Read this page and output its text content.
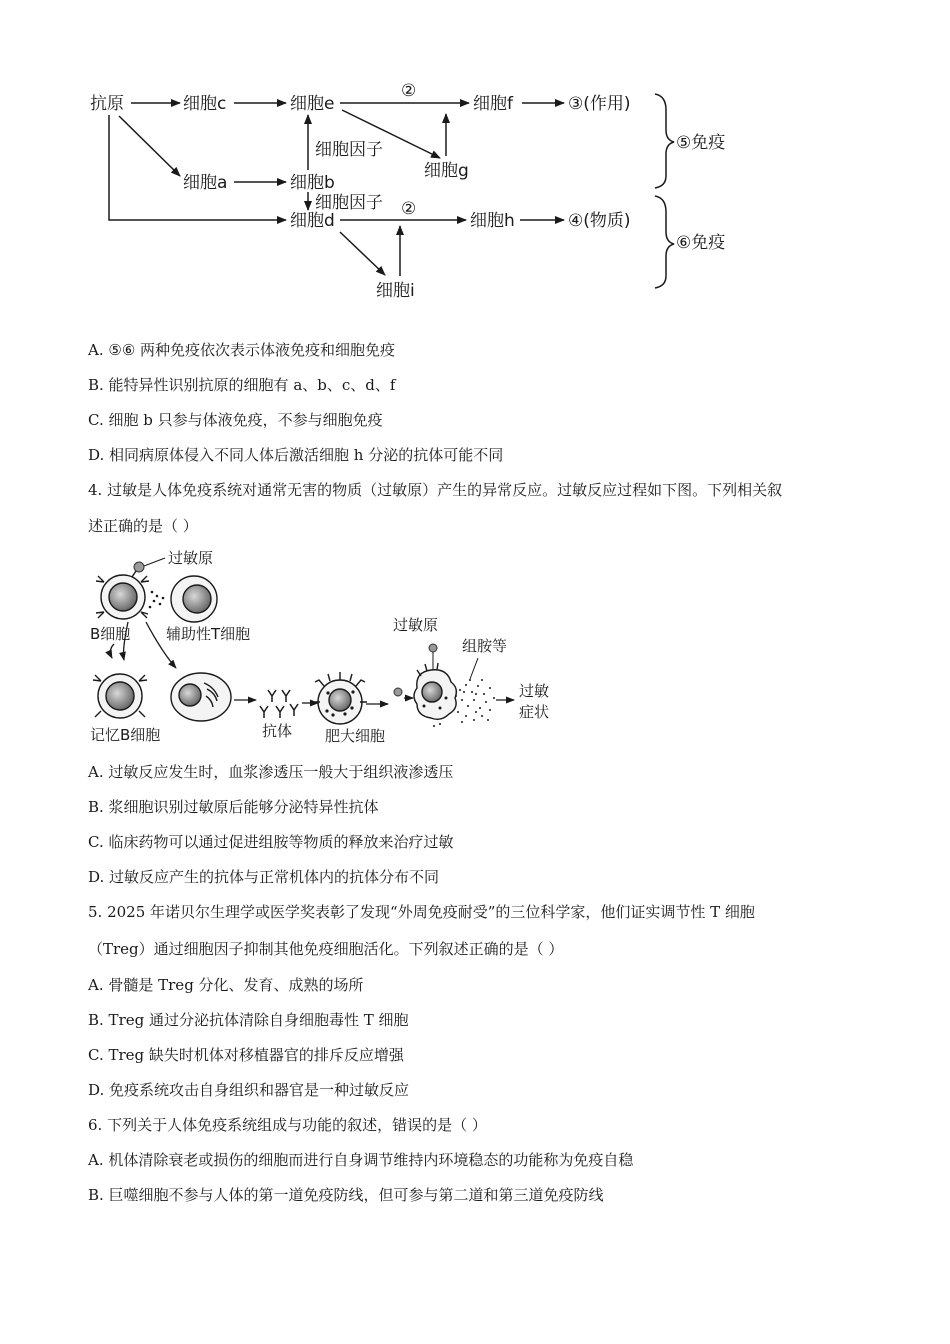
抗原	细胞c	细胞e
②
细胞f	③(作用)
细胞因子
细胞g
⑤免疫
细胞a	细胞b
细胞因子
细胞d
②
细胞h	④(物质)
⑥免疫
细胞i
A. ⑤⑥ 两种免疫依次表示体液免疫和细胞免疫
B. 能特异性识别抗原的细胞有 a、b、c、d、f
C. 细胞 b 只参与体液免疫，不参与细胞免疫
D. 相同病原体侵入不同人体后激活细胞 h 分泌的抗体可能不同
4. 过敏是人体免疫系统对通常无害的物质（过敏原）产生的异常反应。过敏反应过程如下图。下列相关叙
述正确的是（ ）
过敏原
B细胞 辅助性T细胞
记忆B细胞	抗体 肥大细胞
过敏原
组胺等
过敏
症状
A. 过敏反应发生时，血浆渗透压一般大于组织液渗透压
B. 浆细胞识别过敏原后能够分泌特异性抗体
C. 临床药物可以通过促进组胺等物质的释放来治疗过敏
D. 过敏反应产生的抗体与正常机体内的抗体分布不同
5. 2025 年诺贝尔生理学或医学奖表彰了发现“外周免疫耐受”的三位科学家，他们证实调节性 T 细胞
（Treg）通过细胞因子抑制其他免疫细胞活化。下列叙述正确的是（ ）
A. 骨髓是 Treg 分化、发育、成熟的场所
B. Treg 通过分泌抗体清除自身细胞毒性 T 细胞
C. Treg 缺失时机体对移植器官的排斥反应增强
D. 免疫系统攻击自身组织和器官是一种过敏反应
6. 下列关于人体免疫系统组成与功能的叙述，错误的是（ ）
A. 机体清除衰老或损伤的细胞而进行自身调节维持内环境稳态的功能称为免疫自稳
B. 巨噬细胞不参与人体的第一道免疫防线，但可参与第二道和第三道免疫防线
